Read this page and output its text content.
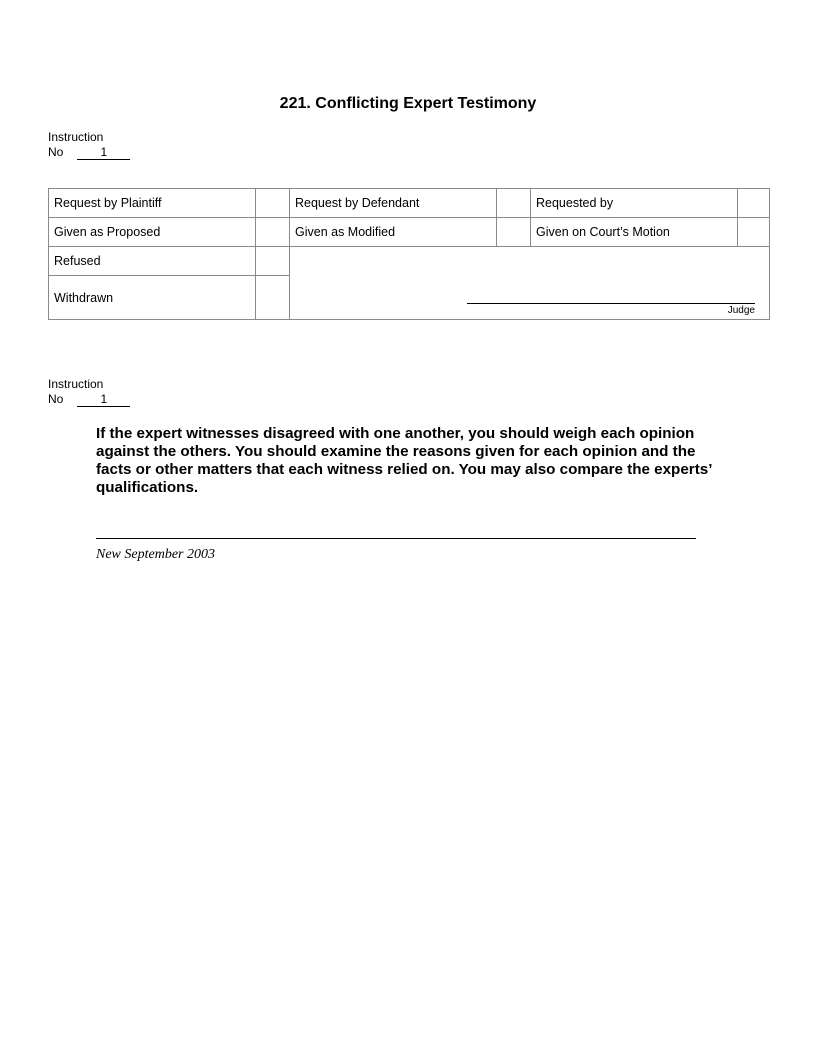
221. Conflicting Expert Testimony
Instruction
No	1
Request by Plaintiff		Request by Defendant		Requested by	
Given as Proposed		Given as Modified		Given on Court’s Motion	
Refused		Judge			

Withdrawn					
Instruction
No	1

If the expert witnesses disagreed with one another, you should weigh each opinion against the others. You should examine the reasons given for each opinion and the facts or other matters that each witness relied on. You may also compare the experts’ qualifications.

New September 2003
